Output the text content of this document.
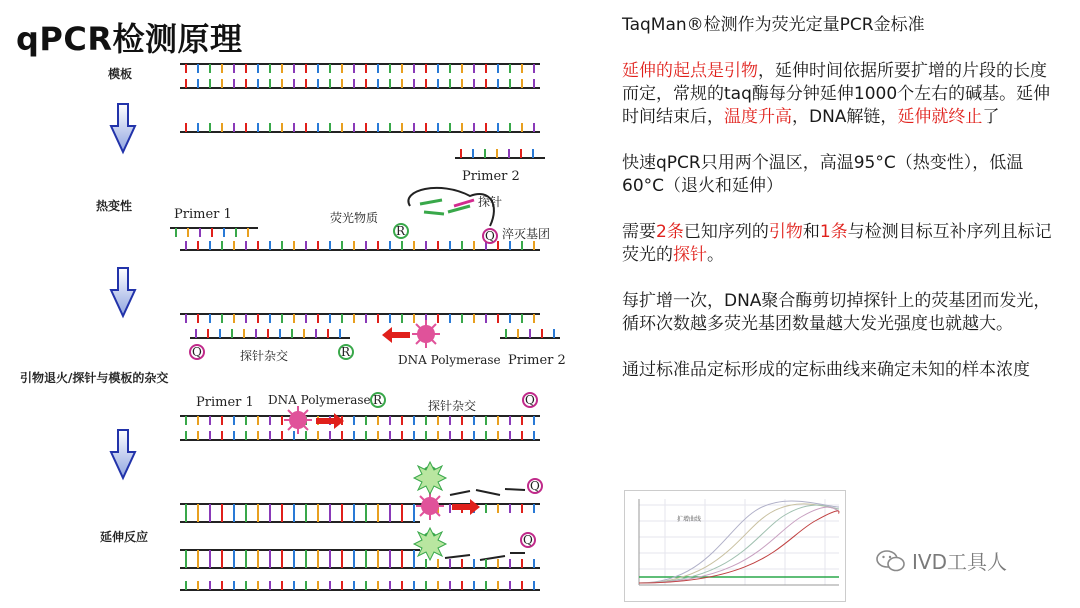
qPCR检测原理
模板
热变性
引物退火/探针与模板的杂交
延伸反应
R	Q
Q	R
R	Q
Q
Q
Primer 2
Primer 1	荧光物质
探针
淬灭基团
探针杂交	DNA Polymerase Primer 2
Primer 1 DNA Polymerase	探针杂交

TaqMan®检测作为荧光定量PCR金标准

延伸的起点是引物，延伸时间依据所要扩增的片段的长度而定，常规的taq酶每分钟延伸1000个左右的碱基。延伸时间结束后，温度升高，DNA解链，延伸就终止了

快速qPCR只用两个温区，高温95°C（热变性），低温60°C（退火和延伸）

需要2条已知序列的引物和1条与检测目标互补序列且标记荧光的探针。

每扩增一次，DNA聚合酶剪切掉探针上的荧基团而发光，循环次数越多荧光基团数量越大发光强度也就越大。

通过标准品定标形成的定标曲线来确定未知的样本浓度

扩增曲线
IVD工具人
